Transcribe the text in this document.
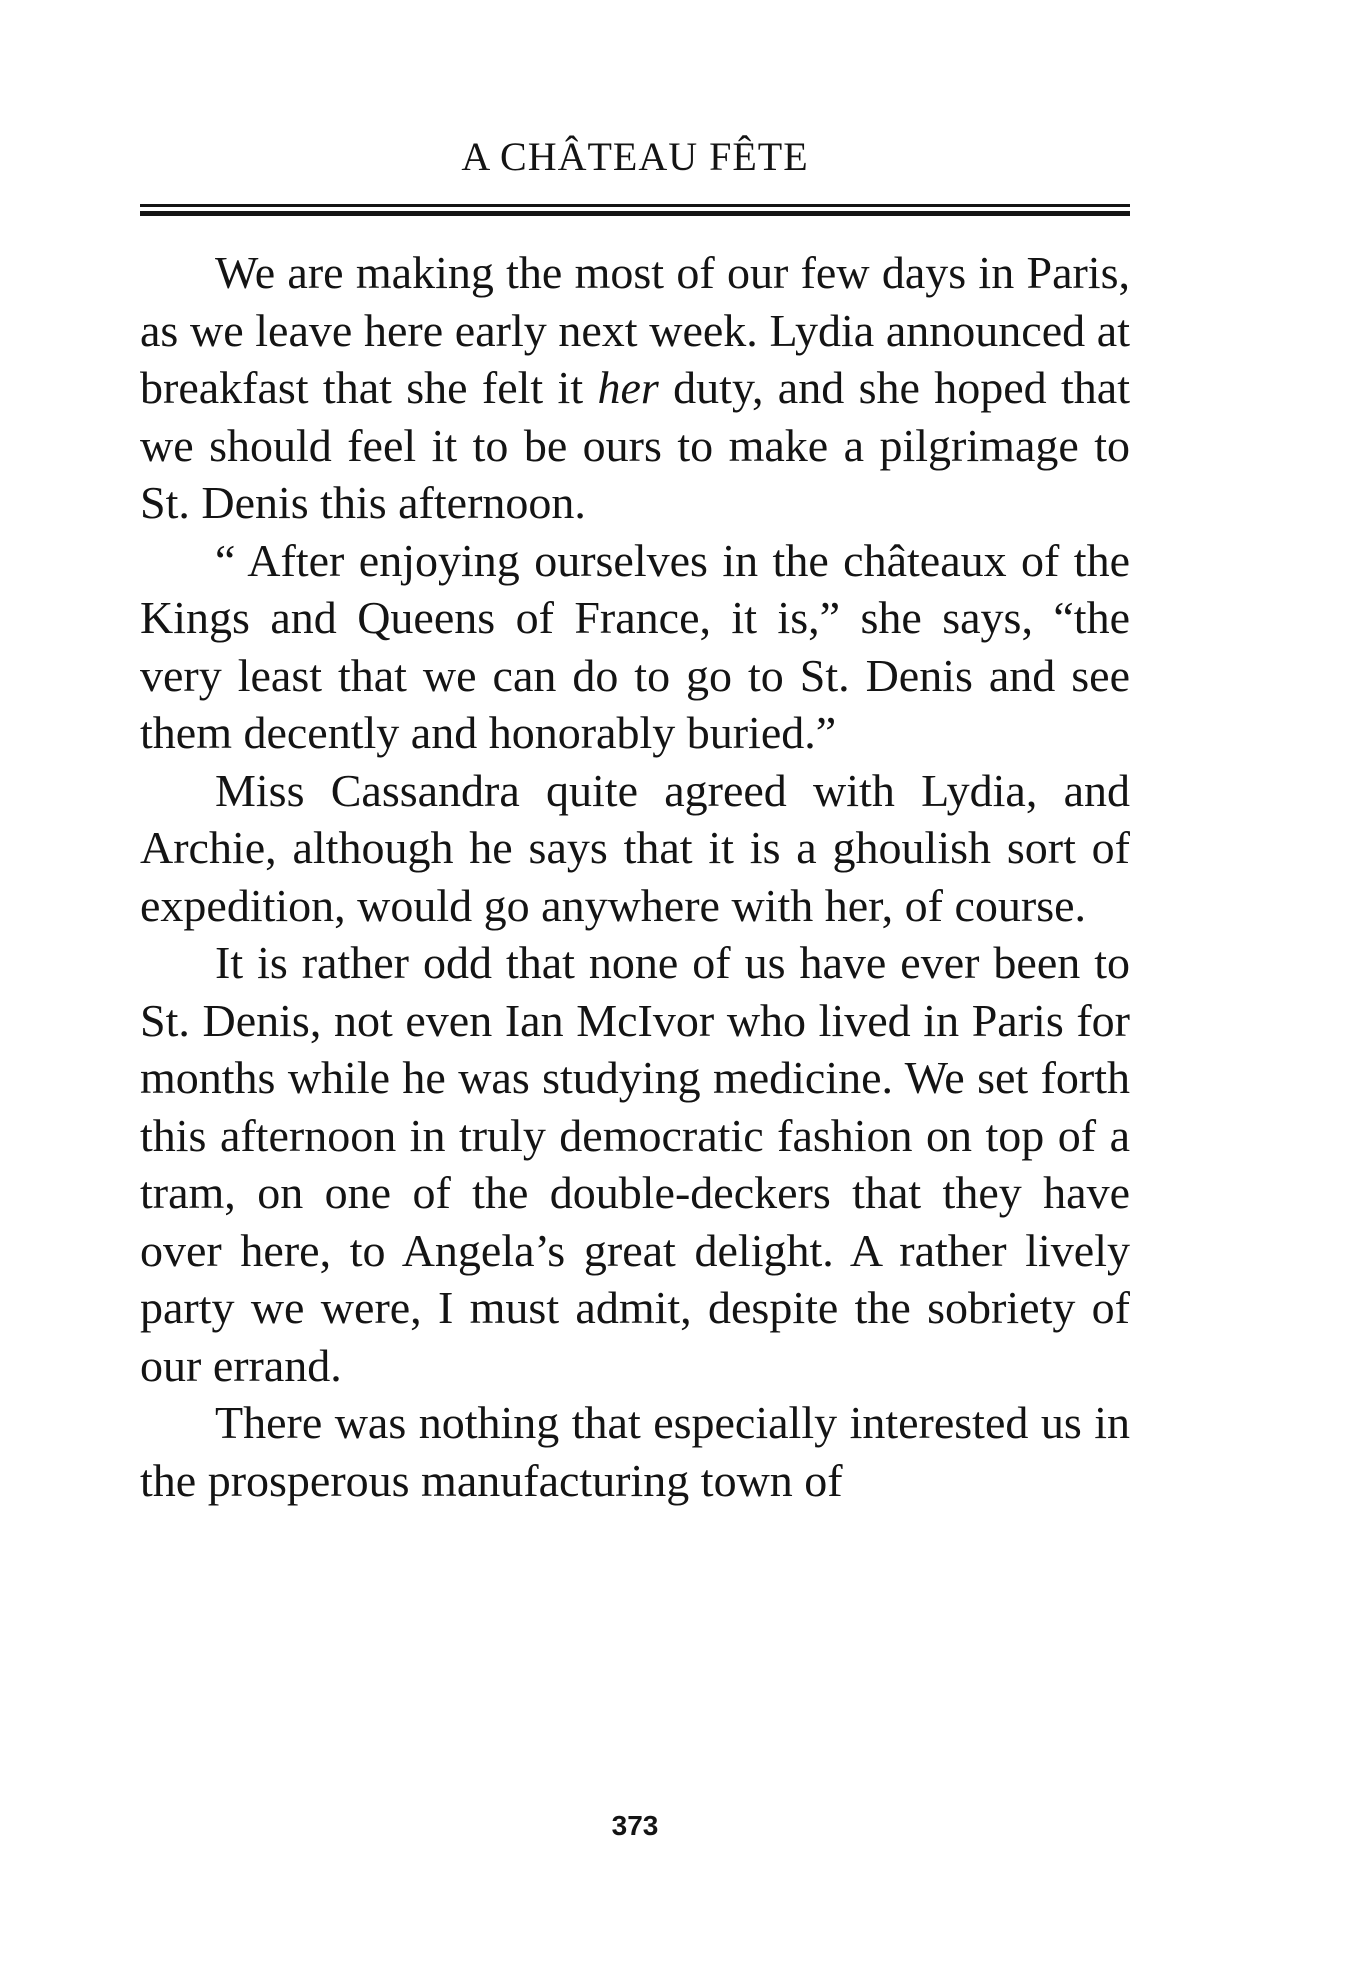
A CHÂTEAU FÊTE

We are making the most of our few days in Paris, as we leave here early next week. Lydia announced at breakfast that she felt it her duty, and she hoped that we should feel it to be ours to make a pilgrimage to St. Denis this afternoon.

“ After enjoying ourselves in the châteaux of the Kings and Queens of France, it is,” she says, “the very least that we can do to go to St. Denis and see them decently and honorably buried.”

Miss Cassandra quite agreed with Lydia, and Archie, although he says that it is a ghoulish sort of expedition, would go anywhere with her, of course.

It is rather odd that none of us have ever been to St. Denis, not even Ian McIvor who lived in Paris for months while he was studying medicine. We set forth this afternoon in truly democratic fashion on top of a tram, on one of the double-deckers that they have over here, to Angela’s great delight. A rather lively party we were, I must admit, despite the sobriety of our errand.

There was nothing that especially interested us in the prosperous manufacturing town of

373
